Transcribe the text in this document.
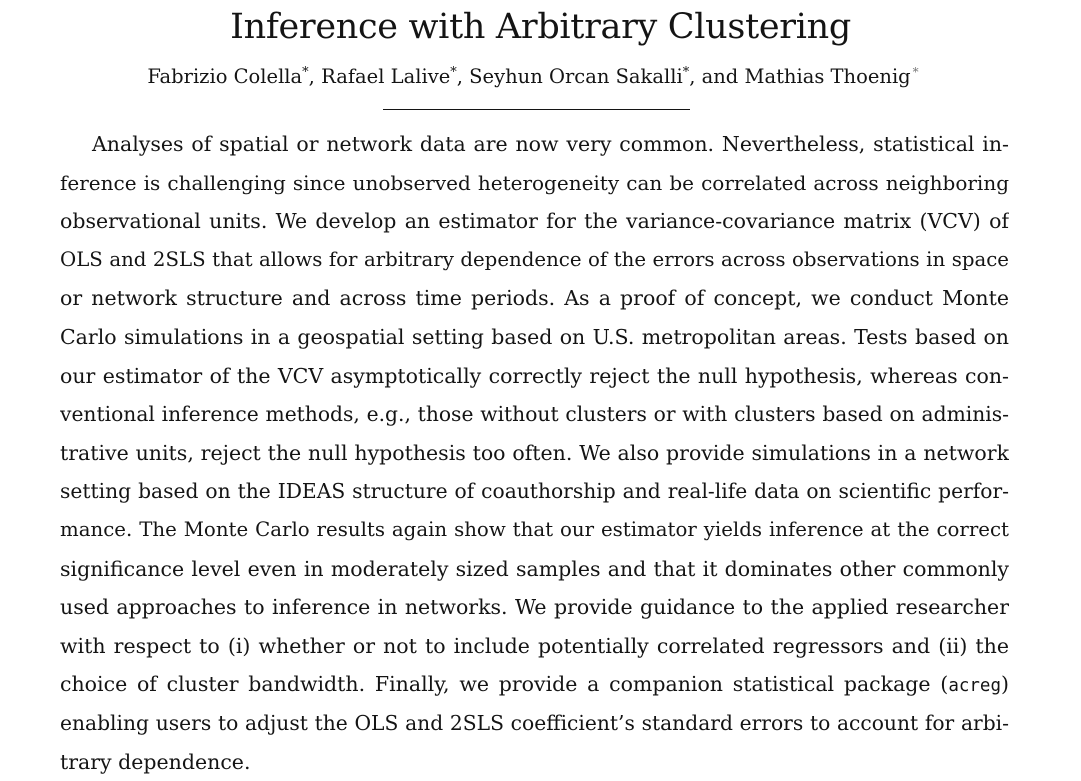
Inference with Arbitrary Clustering
Fabrizio Colella*, Rafael Lalive*, Seyhun Orcan Sakalli*, and Mathias Thoenig *
Analyses of spatial or network data are now very common. Nevertheless, statistical in-
ference is challenging since unobserved heterogeneity can be correlated across neighboring
observational units. We develop an estimator for the variance-covariance matrix (VCV) of
OLS and 2SLS that allows for arbitrary dependence of the errors across observations in space
or network structure and across time periods. As a proof of concept, we conduct Monte
Carlo simulations in a geospatial setting based on U.S. metropolitan areas. Tests based on
our estimator of the VCV asymptotically correctly reject the null hypothesis, whereas con-
ventional inference methods, e.g., those without clusters or with clusters based on adminis-
trative units, reject the null hypothesis too often. We also provide simulations in a network
setting based on the IDEAS structure of coauthorship and real-life data on scientific perfor-
mance. The Monte Carlo results again show that our estimator yields inference at the correct
significance level even in moderately sized samples and that it dominates other commonly
used approaches to inference in networks. We provide guidance to the applied researcher
with respect to (i) whether or not to include potentially correlated regressors and (ii) the
choice of cluster bandwidth. Finally, we provide a companion statistical package (acreg)
enabling users to adjust the OLS and 2SLS coefficient’s standard errors to account for arbi-
trary dependence.
